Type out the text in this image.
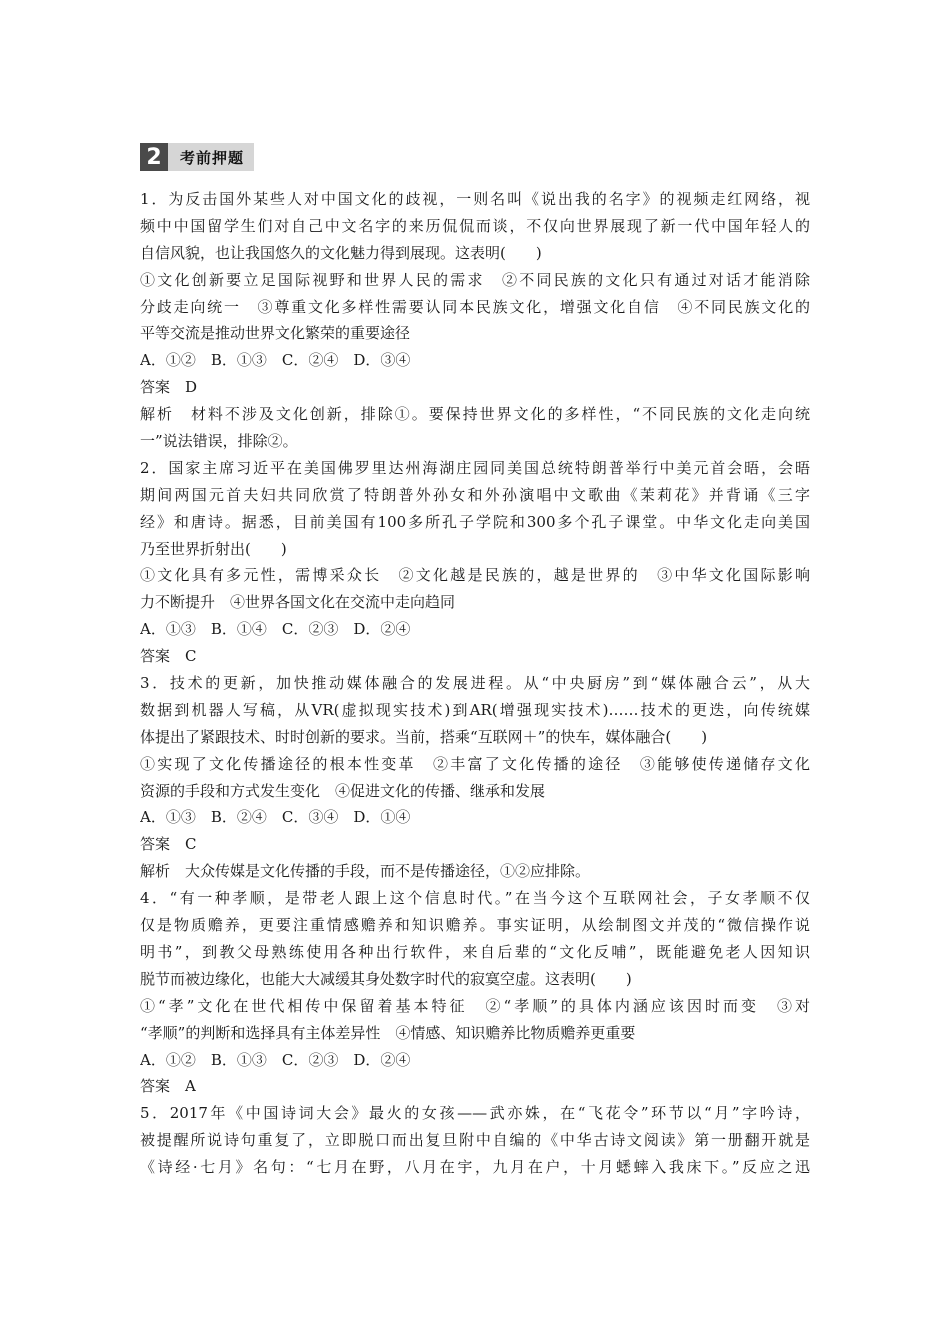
2	考前押题
1．为反击国外某些人对中国文化的歧视，一则名叫《说出我的名字》的视频走红网络，视
频中中国留学生们对自己中文名字的来历侃侃而谈，不仅向世界展现了新一代中国年轻人的
自信风貌，也让我国悠久的文化魅力得到展现。这表明(　　)
①文化创新要立足国际视野和世界人民的需求　②不同民族的文化只有通过对话才能消除
分歧走向统一　③尊重文化多样性需要认同本民族文化，增强文化自信　④不同民族文化的
平等交流是推动世界文化繁荣的重要途径
A．①②　B．①③　C．②④　D．③④
答案　D
解析　材料不涉及文化创新，排除①。要保持世界文化的多样性，“不同民族的文化走向统
一”说法错误，排除②。
2．国家主席习近平在美国佛罗里达州海湖庄园同美国总统特朗普举行中美元首会晤，会晤
期间两国元首夫妇共同欣赏了特朗普外孙女和外孙演唱中文歌曲《茉莉花》并背诵《三字
经》和唐诗。据悉，目前美国有100多所孔子学院和300多个孔子课堂。中华文化走向美国
乃至世界折射出(　　)
①文化具有多元性，需博采众长　②文化越是民族的，越是世界的　③中华文化国际影响
力不断提升　④世界各国文化在交流中走向趋同
A．①③　B．①④　C．②③　D．②④
答案　C
3．技术的更新，加快推动媒体融合的发展进程。从“中央厨房”到“媒体融合云”，从大
数据到机器人写稿，从VR(虚拟现实技术)到AR(增强现实技术)……技术的更迭，向传统媒
体提出了紧跟技术、时时创新的要求。当前，搭乘“互联网＋”的快车，媒体融合(　　)
①实现了文化传播途径的根本性变革　②丰富了文化传播的途径　③能够使传递储存文化
资源的手段和方式发生变化　④促进文化的传播、继承和发展
A．①③　B．②④　C．③④　D．①④
答案　C
解析　大众传媒是文化传播的手段，而不是传播途径，①②应排除。
4．“有一种孝顺，是带老人跟上这个信息时代。”在当今这个互联网社会，子女孝顺不仅
仅是物质赡养，更要注重情感赡养和知识赡养。事实证明，从绘制图文并茂的“微信操作说
明书”，到教父母熟练使用各种出行软件，来自后辈的“文化反哺”，既能避免老人因知识
脱节而被边缘化，也能大大减缓其身处数字时代的寂寞空虚。这表明(　　)
①“孝”文化在世代相传中保留着基本特征　②“孝顺”的具体内涵应该因时而变　③对
“孝顺”的判断和选择具有主体差异性　④情感、知识赡养比物质赡养更重要
A．①②　B．①③　C．②③　D．②④
答案　A
5．2017年《中国诗词大会》最火的女孩——武亦姝，在“飞花令”环节以“月”字吟诗，
被提醒所说诗句重复了，立即脱口而出复旦附中自编的《中华古诗文阅读》第一册翻开就是
《诗经·七月》名句：“七月在野，八月在宇，九月在户，十月蟋蟀入我床下。”反应之迅
